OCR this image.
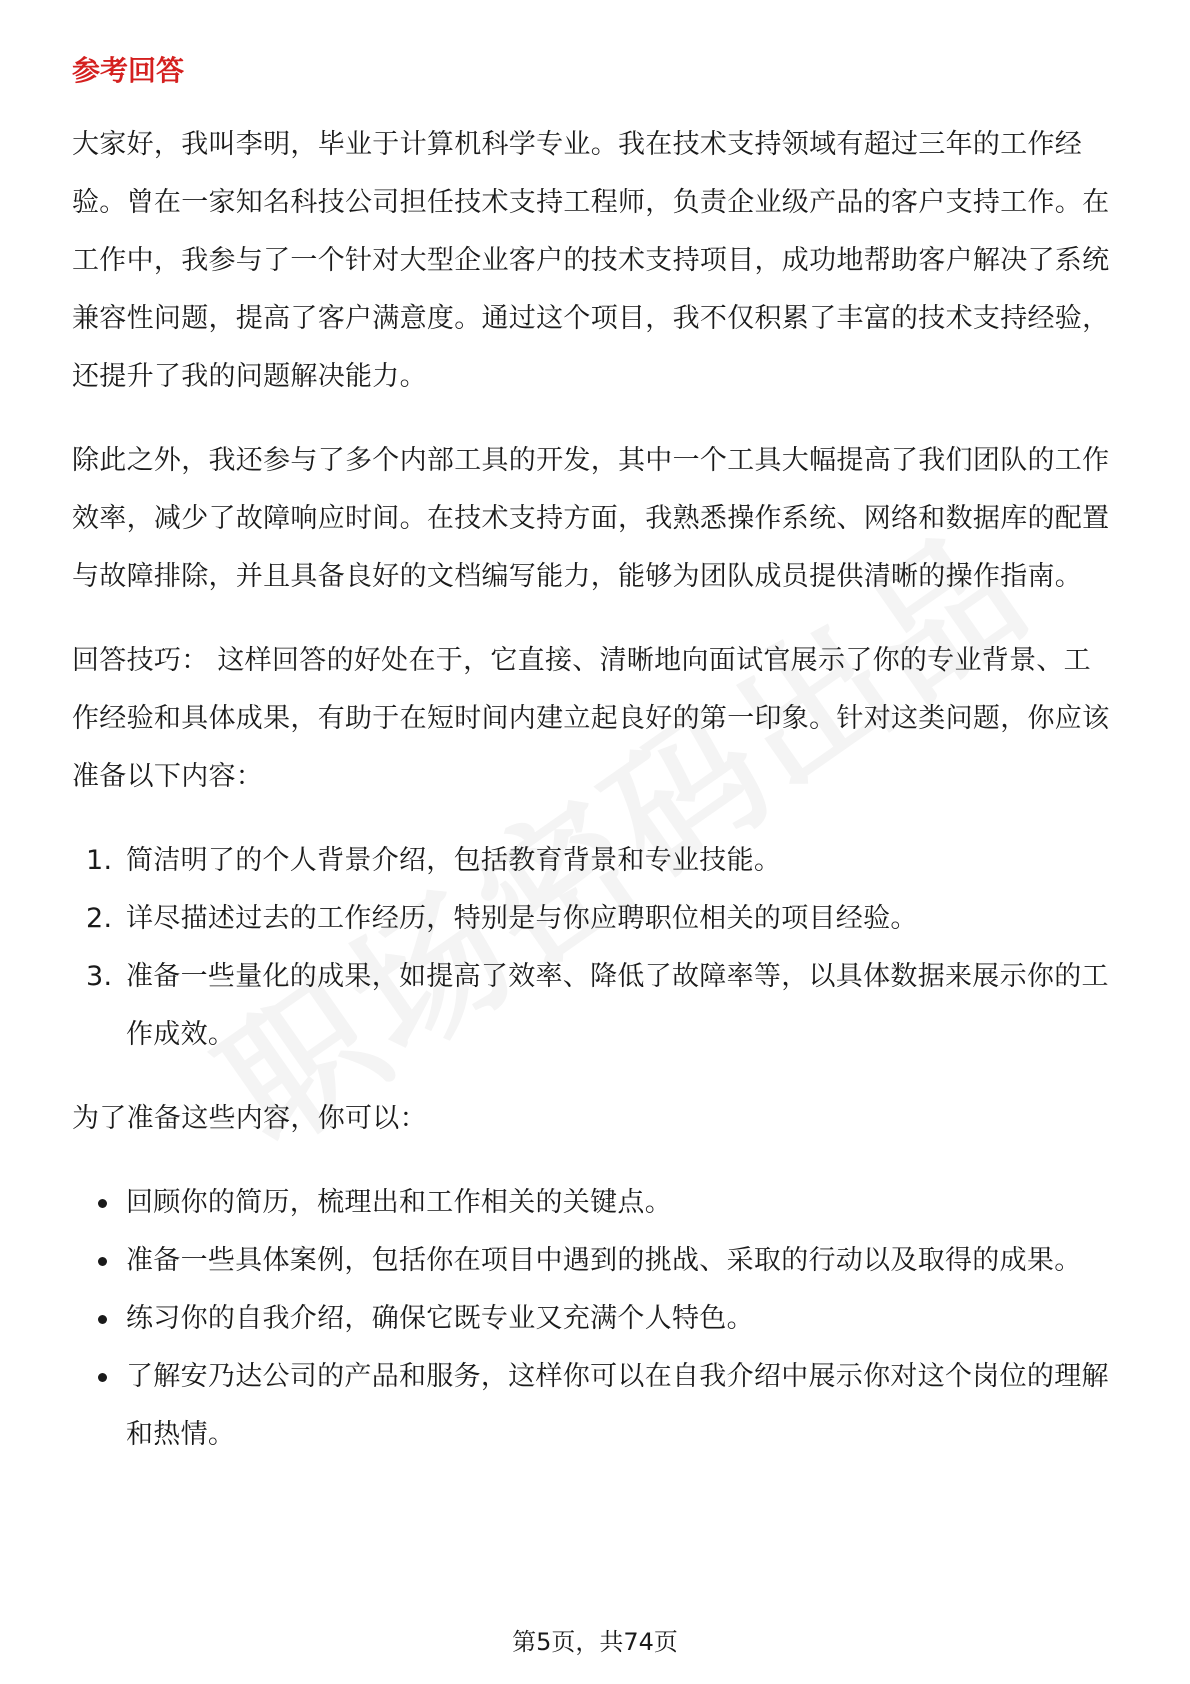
参考回答

大家好，我叫李明，毕业于计算机科学专业。我在技术支持领域有超过三年的工作经验。曾在一家知名科技公司担任技术支持工程师，负责企业级产品的客户支持工作。在工作中，我参与了一个针对大型企业客户的技术支持项目，成功地帮助客户解决了系统兼容性问题，提高了客户满意度。通过这个项目，我不仅积累了丰富的技术支持经验，还提升了我的问题解决能力。

除此之外，我还参与了多个内部工具的开发，其中一个工具大幅提高了我们团队的工作效率，减少了故障响应时间。在技术支持方面，我熟悉操作系统、网络和数据库的配置与故障排除，并且具备良好的文档编写能力，能够为团队成员提供清晰的操作指南。

回答技巧： 这样回答的好处在于，它直接、清晰地向面试官展示了你的专业背景、工作经验和具体成果，有助于在短时间内建立起良好的第一印象。针对这类问题，你应该准备以下内容：

1. 简洁明了的个人背景介绍，包括教育背景和专业技能。
2. 详尽描述过去的工作经历，特别是与你应聘职位相关的项目经验。
3. 准备一些量化的成果，如提高了效率、降低了故障率等，以具体数据来展示你的工作成效。

为了准备这些内容，你可以：

回顾你的简历，梳理出和工作相关的关键点。
准备一些具体案例，包括你在项目中遇到的挑战、采取的行动以及取得的成果。
练习你的自我介绍，确保它既专业又充满个人特色。
了解安乃达公司的产品和服务，这样你可以在自我介绍中展示你对这个岗位的理解和热情。
第5页，共74页
